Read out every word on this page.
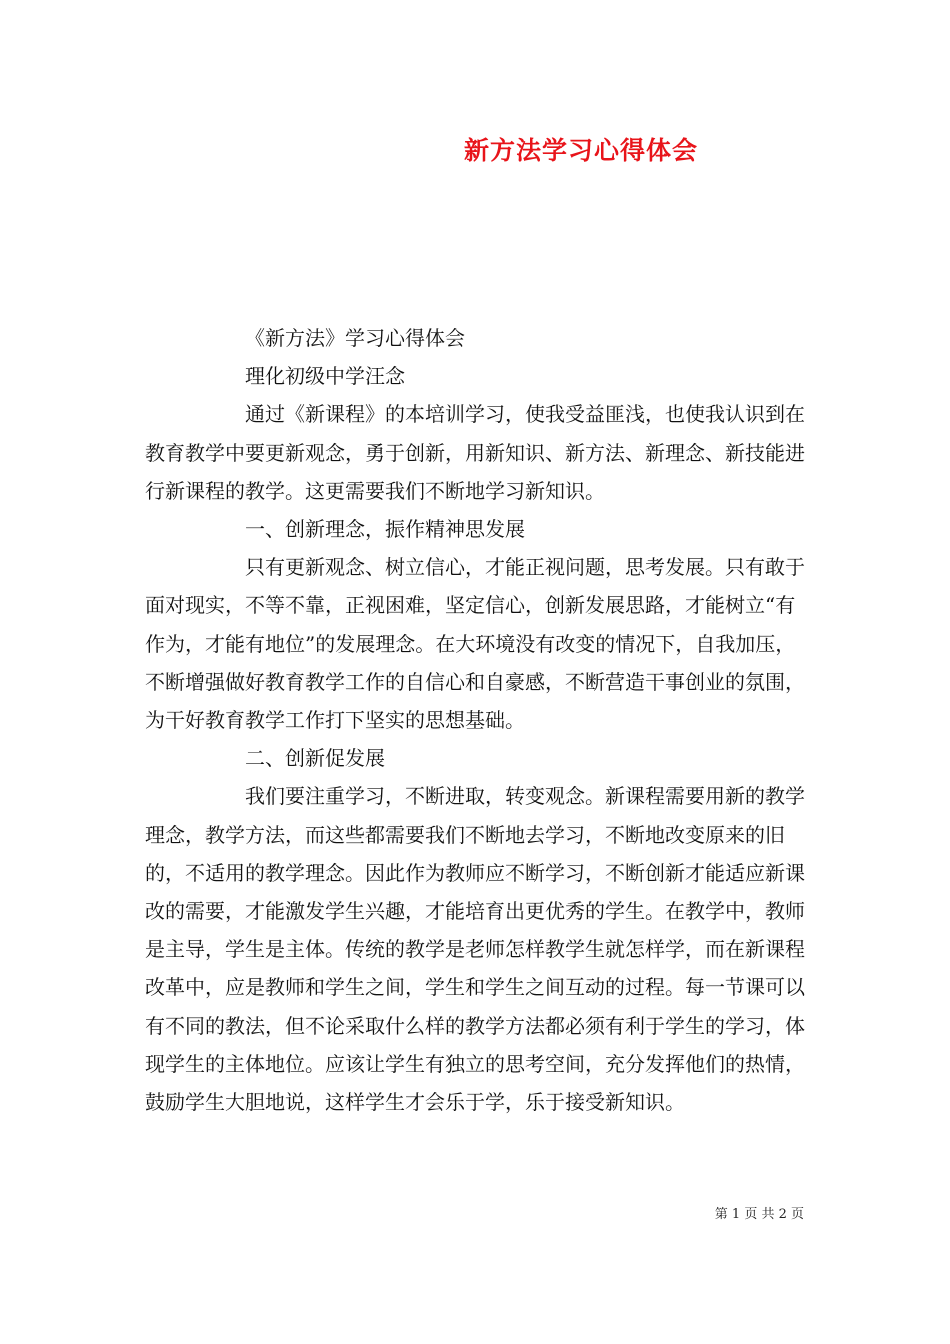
新方法学习心得体会

《新方法》学习心得体会

理化初级中学汪念

通过《新课程》的本培训学习，使我受益匪浅，也使我认识到在教育教学中要更新观念，勇于创新，用新知识、新方法、新理念、新技能进行新课程的教学。这更需要我们不断地学习新知识。

一、创新理念，振作精神思发展

只有更新观念、树立信心，才能正视问题，思考发展。只有敢于面对现实，不等不靠，正视困难，坚定信心，创新发展思路，才能树立“有作为，才能有地位”的发展理念。在大环境没有改变的情况下，自我加压，不断增强做好教育教学工作的自信心和自豪感，不断营造干事创业的氛围，为干好教育教学工作打下坚实的思想基础。

二、创新促发展

我们要注重学习，不断进取，转变观念。新课程需要用新的教学理念，教学方法，而这些都需要我们不断地去学习，不断地改变原来的旧的，不适用的教学理念。因此作为教师应不断学习，不断创新才能适应新课改的需要，才能激发学生兴趣，才能培育出更优秀的学生。在教学中，教师是主导，学生是主体。传统的教学是老师怎样教学生就怎样学，而在新课程改革中，应是教师和学生之间，学生和学生之间互动的过程。每一节课可以有不同的教法，但不论采取什么样的教学方法都必须有利于学生的学习，体现学生的主体地位。应该让学生有独立的思考空间，充分发挥他们的热情，鼓励学生大胆地说，这样学生才会乐于学，乐于接受新知识。

第 1 页 共 2 页
